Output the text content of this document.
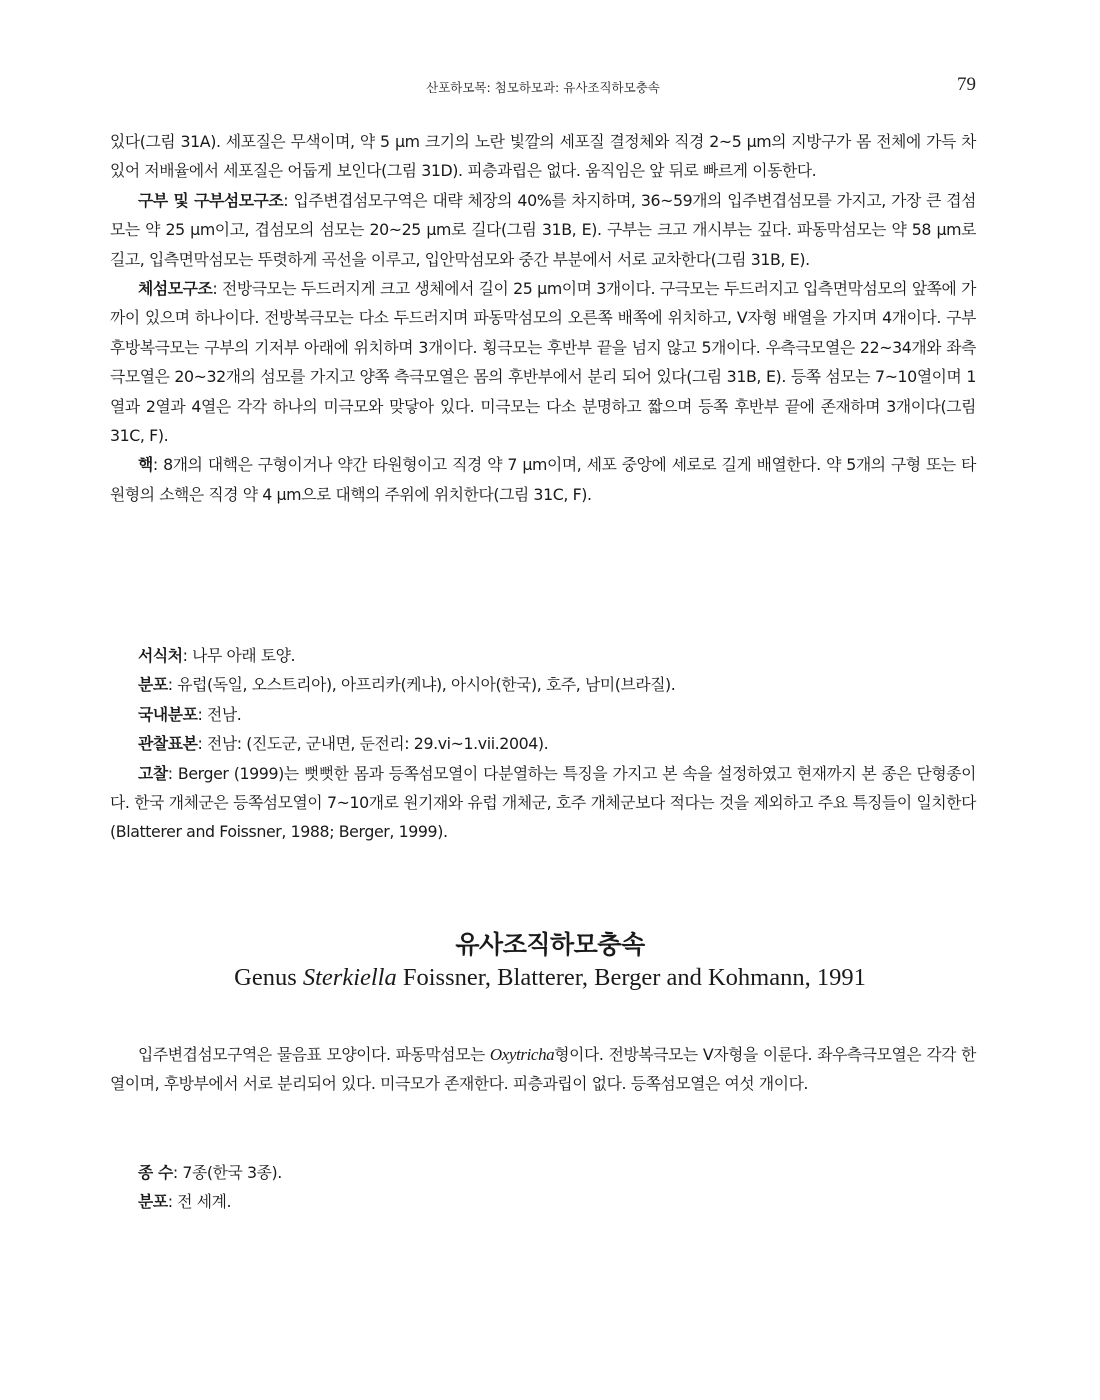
산포하모목: 첨모하모과: 유사조직하모충속	79

있다(그림 31A). 세포질은 무색이며, 약 5 μm 크기의 노란 빛깔의 세포질 결정체와 직경 2~5 μm의 지방구가 몸 전체에 가득 차 있어 저배율에서 세포질은 어둡게 보인다(그림 31D). 피층과립은 없다. 움직임은 앞 뒤로 빠르게 이동한다.

구부 및 구부섬모구조: 입주변겹섬모구역은 대략 체장의 40%를 차지하며, 36~59개의 입주변겹섬모를 가지고, 가장 큰 겹섬모는 약 25 μm이고, 겹섬모의 섬모는 20~25 μm로 길다(그림 31B, E). 구부는 크고 개시부는 깊다. 파동막섬모는 약 58 μm로 길고, 입측면막섬모는 뚜렷하게 곡선을 이루고, 입안막섬모와 중간 부분에서 서로 교차한다(그림 31B, E).

체섬모구조: 전방극모는 두드러지게 크고 생체에서 길이 25 μm이며 3개이다. 구극모는 두드러지고 입측면막섬모의 앞쪽에 가까이 있으며 하나이다. 전방복극모는 다소 두드러지며 파동막섬모의 오른쪽 배쪽에 위치하고, V자형 배열을 가지며 4개이다. 구부후방복극모는 구부의 기저부 아래에 위치하며 3개이다. 횡극모는 후반부 끝을 넘지 않고 5개이다. 우측극모열은 22~34개와 좌측극모열은 20~32개의 섬모를 가지고 양쪽 측극모열은 몸의 후반부에서 분리 되어 있다(그림 31B, E). 등쪽 섬모는 7~10열이며 1열과 2열과 4열은 각각 하나의 미극모와 맞닿아 있다. 미극모는 다소 분명하고 짧으며 등쪽 후반부 끝에 존재하며 3개이다(그림 31C, F).

핵: 8개의 대핵은 구형이거나 약간 타원형이고 직경 약 7 μm이며, 세포 중앙에 세로로 길게 배열한다. 약 5개의 구형 또는 타원형의 소핵은 직경 약 4 μm으로 대핵의 주위에 위치한다(그림 31C, F).

서식처: 나무 아래 토양.

분포: 유럽(독일, 오스트리아), 아프리카(케냐), 아시아(한국), 호주, 남미(브라질).

국내분포: 전남.

관찰표본: 전남: (진도군, 군내면, 둔전리: 29.vi~1.vii.2004).

고찰: Berger (1999)는 뻣뻣한 몸과 등쪽섬모열이 다분열하는 특징을 가지고 본 속을 설정하였고 현재까지 본 종은 단형종이다. 한국 개체군은 등쪽섬모열이 7~10개로 원기재와 유럽 개체군, 호주 개체군보다 적다는 것을 제외하고 주요 특징들이 일치한다(Blatterer and Foissner, 1988; Berger, 1999).

유사조직하모충속
Genus Sterkiella Foissner, Blatterer, Berger and Kohmann, 1991

입주변겹섬모구역은 물음표 모양이다. 파동막섬모는 Oxytricha형이다. 전방복극모는 V자형을 이룬다. 좌우측극모열은 각각 한열이며, 후방부에서 서로 분리되어 있다. 미극모가 존재한다. 피층과립이 없다. 등쪽섬모열은 여섯 개이다.

종 수: 7종(한국 3종).

분포: 전 세계.
